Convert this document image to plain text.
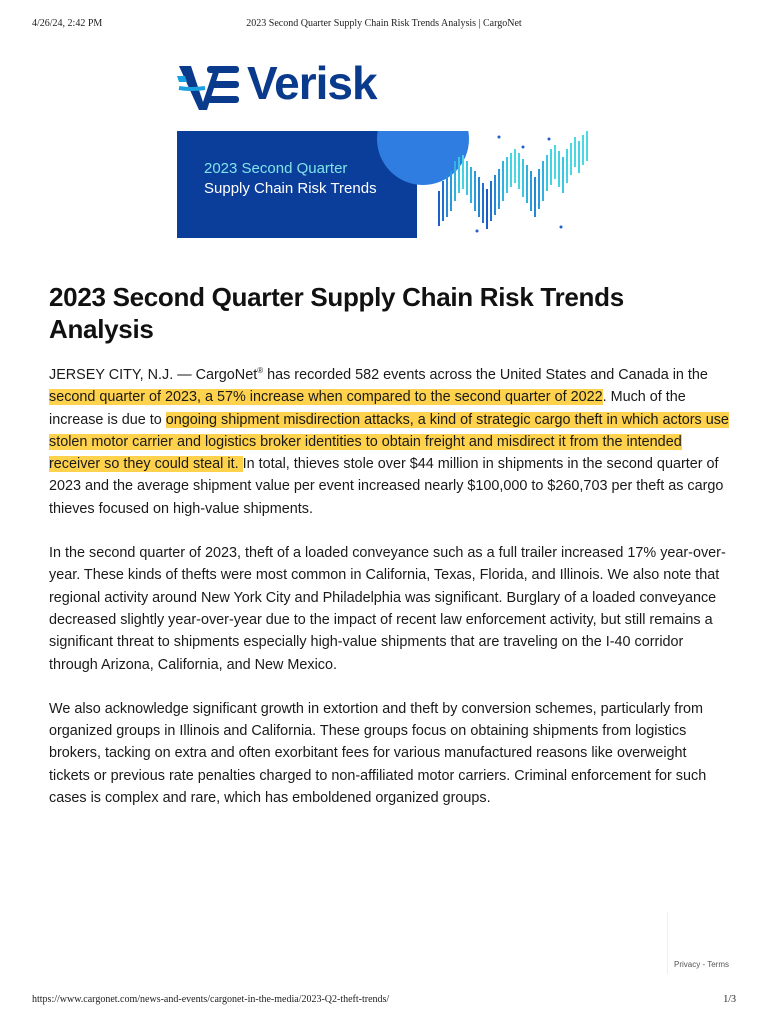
4/26/24, 2:42 PM	2023 Second Quarter Supply Chain Risk Trends Analysis | CargoNet
Verisk
2023 Second Quarter
Supply Chain Risk Trends
2023 Second Quarter Supply Chain Risk Trends Analysis

JERSEY CITY, N.J. — CargoNet® has recorded 582 events across the United States and Canada in the second quarter of 2023, a 57% increase when compared to the second quarter of 2022. Much of the increase is due to ongoing shipment misdirection attacks, a kind of strategic cargo theft in which actors use stolen motor carrier and logistics broker identities to obtain freight and misdirect it from the intended receiver so they could steal it. In total, thieves stole over $44 million in shipments in the second quarter of 2023 and the average shipment value per event increased nearly $100,000 to $260,703 per theft as cargo thieves focused on high-value shipments.

In the second quarter of 2023, theft of a loaded conveyance such as a full trailer increased 17% year-over-year. These kinds of thefts were most common in California, Texas, Florida, and Illinois. We also note that regional activity around New York City and Philadelphia was significant. Burglary of a loaded conveyance decreased slightly year-over-year due to the impact of recent law enforcement activity, but still remains a significant threat to shipments especially high-value shipments that are traveling on the I-40 corridor through Arizona, California, and New Mexico.

We also acknowledge significant growth in extortion and theft by conversion schemes, particularly from organized groups in Illinois and California. These groups focus on obtaining shipments from logistics brokers, tacking on extra and often exorbitant fees for various manufactured reasons like overweight tickets or previous rate penalties charged to non-affiliated motor carriers. Criminal enforcement for such cases is complex and rare, which has emboldened organized groups.

Privacy - Terms
https://www.cargonet.com/news-and-events/cargonet-in-the-media/2023-Q2-theft-trends/	1/3
